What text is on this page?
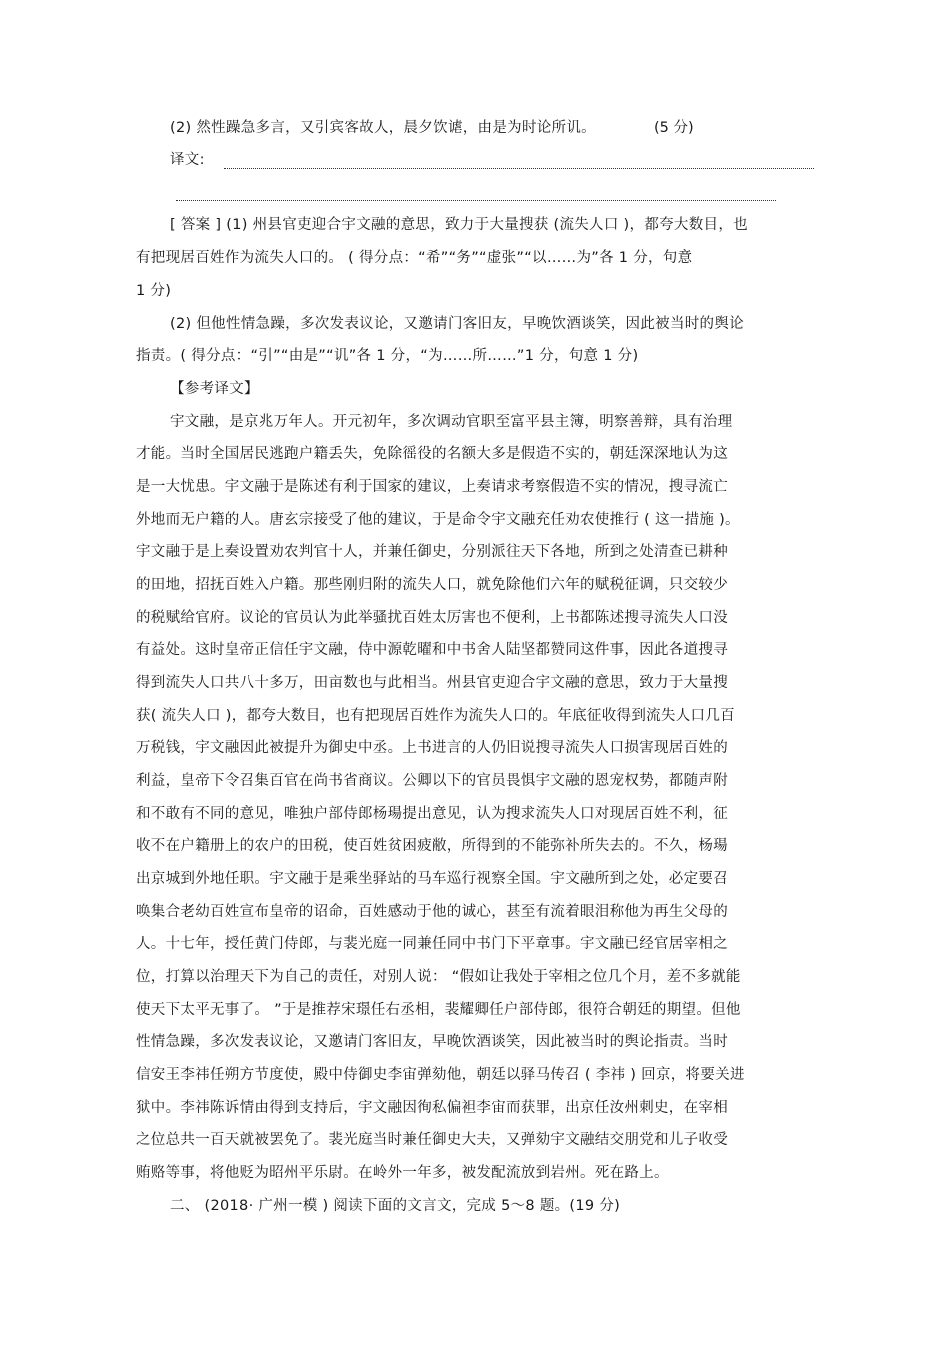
(2) 然性躁急多言，又引宾客故人，晨夕饮谑，由是为时论所讥。	(5 分)
译文:
[ 答案 ] (1) 州县官吏迎合宇文融的意思，致力于大量搜获 (流失人口 )，都夸大数目，也
有把现居百姓作为流失人口的。 ( 得分点：“希”“务”“虚张”“以……为”各 1 分，句意
1 分)
(2) 但他性情急躁，多次发表议论，又邀请门客旧友，早晚饮酒谈笑，因此被当时的舆论
指责。( 得分点：“引”“由是”“讥”各 1 分，“为……所……”1 分，句意 1 分)
【参考译文】
宇文融，是京兆万年人。开元初年，多次调动官职至富平县主簿，明察善辩，具有治理
才能。当时全国居民逃跑户籍丢失，免除徭役的名额大多是假造不实的，朝廷深深地认为这
是一大忧患。宇文融于是陈述有利于国家的建议，上奏请求考察假造不实的情况，搜寻流亡
外地而无户籍的人。唐玄宗接受了他的建议，于是命令宇文融充任劝农使推行 ( 这一措施 )。
宇文融于是上奏设置劝农判官十人，并兼任御史，分别派往天下各地，所到之处清查已耕种
的田地，招抚百姓入户籍。那些刚归附的流失人口，就免除他们六年的赋税征调，只交较少
的税赋给官府。议论的官员认为此举骚扰百姓太厉害也不便利，上书都陈述搜寻流失人口没
有益处。这时皇帝正信任宇文融，侍中源乾曜和中书舍人陆坚都赞同这件事，因此各道搜寻
得到流失人口共八十多万，田亩数也与此相当。州县官吏迎合宇文融的意思，致力于大量搜
获( 流失人口 )，都夸大数目，也有把现居百姓作为流失人口的。年底征收得到流失人口几百
万税钱，宇文融因此被提升为御史中丞。上书进言的人仍旧说搜寻流失人口损害现居百姓的
利益，皇帝下令召集百官在尚书省商议。公卿以下的官员畏惧宇文融的恩宠权势，都随声附
和不敢有不同的意见，唯独户部侍郎杨瑒提出意见，认为搜求流失人口对现居百姓不利，征
收不在户籍册上的农户的田税，使百姓贫困疲敝，所得到的不能弥补所失去的。不久，杨瑒
出京城到外地任职。宇文融于是乘坐驿站的马车巡行视察全国。宇文融所到之处，必定要召
唤集合老幼百姓宣布皇帝的诏命，百姓感动于他的诚心，甚至有流着眼泪称他为再生父母的
人。十七年，授任黄门侍郎，与裴光庭一同兼任同中书门下平章事。宇文融已经官居宰相之
位，打算以治理天下为自己的责任，对别人说： “假如让我处于宰相之位几个月，差不多就能
使天下太平无事了。 ”于是推荐宋璟任右丞相，裴耀卿任户部侍郎，很符合朝廷的期望。但他
性情急躁，多次发表议论，又邀请门客旧友，早晚饮酒谈笑，因此被当时的舆论指责。当时
信安王李祎任朔方节度使，殿中侍御史李宙弹劾他，朝廷以驿马传召 ( 李祎 ) 回京，将要关进
狱中。李祎陈诉情由得到支持后，宇文融因徇私偏袒李宙而获罪，出京任汝州刺史，在宰相
之位总共一百天就被罢免了。裴光庭当时兼任御史大夫，又弹劾宇文融结交朋党和儿子收受
贿赂等事，将他贬为昭州平乐尉。在岭外一年多，被发配流放到岩州。死在路上。
二、 (2018· 广州一模 ) 阅读下面的文言文，完成 5～8 题。(19 分)
